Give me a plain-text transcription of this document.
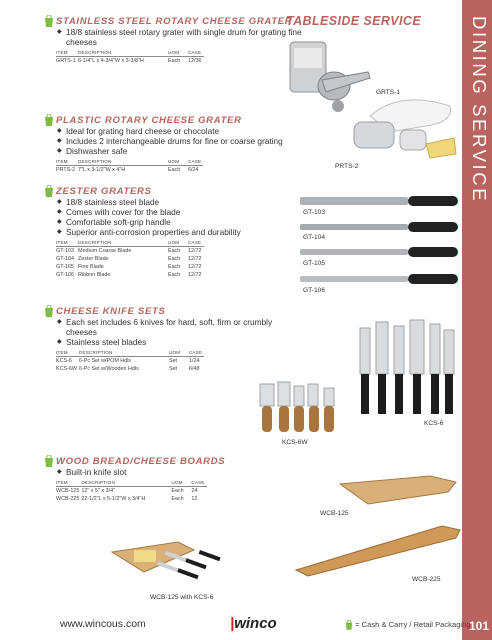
DINING SERVICE
101
TABLESIDE SERVICE
STAINLESS STEEL ROTARY CHEESE GRATER
◆ 18/8 stainless steel rotary grater with single drum for grating fine cheeses
ITEM	DESCRIPTION	UOM	CASE
GRTS-1	8-1/4"L x 4-3/4"W x 3-3/8"H	Each	12/36
PLASTIC ROTARY CHEESE GRATER
◆ Ideal for grating hard cheese or chocolate
◆ Includes 2 interchangeable drums for fine or coarse grating
◆ Dishwasher safe
ITEM	DESCRIPTION	UOM	CASE
PRTS-2	7"L x 3-1/2"W x 4"H	Each	6/24
ZESTER GRATERS
◆ 18/8 stainless steel blade
◆ Comes with cover for the blade
◆ Comfortable soft-grip handle
◆ Superior anti-corrosion properties and durability
ITEM	DESCRIPTION	UOM	CASE
GT-103	Medium Coarse Blade	Each	12/72
GT-104	Zester Blade	Each	12/72
GT-105	Fine Blade	Each	12/72
GT-106	Ribbon Blade	Each	12/72
CHEESE KNIFE SETS
◆ Each set includes 6 knives for hard, soft, firm or crumbly cheeses
◆ Stainless steel blades
ITEM	DESCRIPTION	UOM	CASE
KCS-6	6-Pc Set w/POM Hdls	Set	1/24
KCS-6W	6-Pc Set w/Wooden Hdls	Set	6/48
WOOD BREAD/CHEESE BOARDS
◆ Built-in knife slot
ITEM	DESCRIPTION	UOM	CASE
WCB-125	12" x 5" x 3/4"	Each	24
WCB-225	22-1/2"L x 5-1/2"W x 3/4"H	Each	12
GRTS-1
PRTS-2
GT-103
GT-104
GT-105
GT-106
KCS-6
KCS-6W
WCB-125
WCB-225
WCB-125 with KCS-6
www.wincous.com	|winco	= Cash & Carry / Retail Packaging
